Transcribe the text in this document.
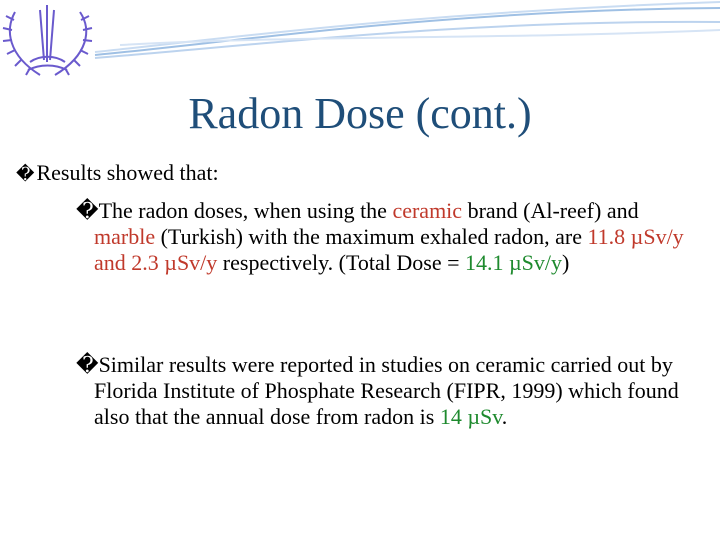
Radon Dose (cont.)
�Results showed that:
�The radon doses, when using the ceramic brand (Al-reef) and marble (Turkish) with the maximum exhaled radon, are 11.8 µSv/y and 2.3 µSv/y respectively. (Total Dose = 14.1 µSv/y)
�Similar results were reported in studies on ceramic carried out by Florida Institute of Phosphate Research (FIPR, 1999) which found also that the annual dose from radon is 14 µSv.
